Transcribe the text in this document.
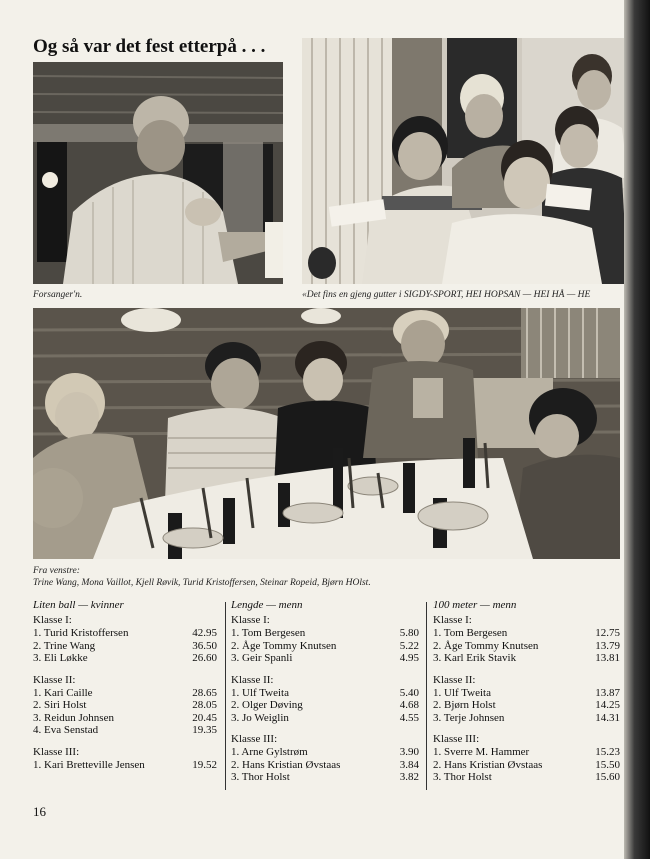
Og så var det fest etterpå . . .
Forsanger'n.	«Det fins en gjeng gutter i SIGDY-SPORT, HEI HOPSAN — HEI HÅ — HE
Fra venstre:
Trine Wang, Mona Vaillot, Kjell Røvik, Turid Kristoffersen, Steinar Ropeid, Bjørn HOlst.
Liten ball — kvinner
Klasse I:
1. Turid Kristoffersen	42.95
2. Trine Wang	36.50
3. Eli Løkke	26.60
Klasse II:
1. Kari Caille	28.65
2. Siri Holst	28.05
3. Reidun Johnsen	20.45
4. Eva Senstad	19.35
Klasse III:
1. Kari Bretteville Jensen	19.52
Lengde — menn
Klasse I:
1. Tom Bergesen	5.80
2. Åge Tommy Knutsen	5.22
3. Geir Spanli	4.95
Klasse II:
1. Ulf Tweita	5.40
2. Olger Døving	4.68
3. Jo Weiglin	4.55
Klasse III:
1. Arne Gylstrøm	3.90
2. Hans Kristian Øvstaas	3.84
3. Thor Holst	3.82
100 meter — menn
Klasse I:
1. Tom Bergesen	12.75
2. Åge Tommy Knutsen	13.79
3. Karl Erik Stavik	13.81
Klasse II:
1. Ulf Tweita	13.87
2. Bjørn Holst	14.25
3. Terje Johnsen	14.31
Klasse III:
1. Sverre M. Hammer	15.23
2. Hans Kristian Øvstaas	15.50
3. Thor Holst	15.60
16
